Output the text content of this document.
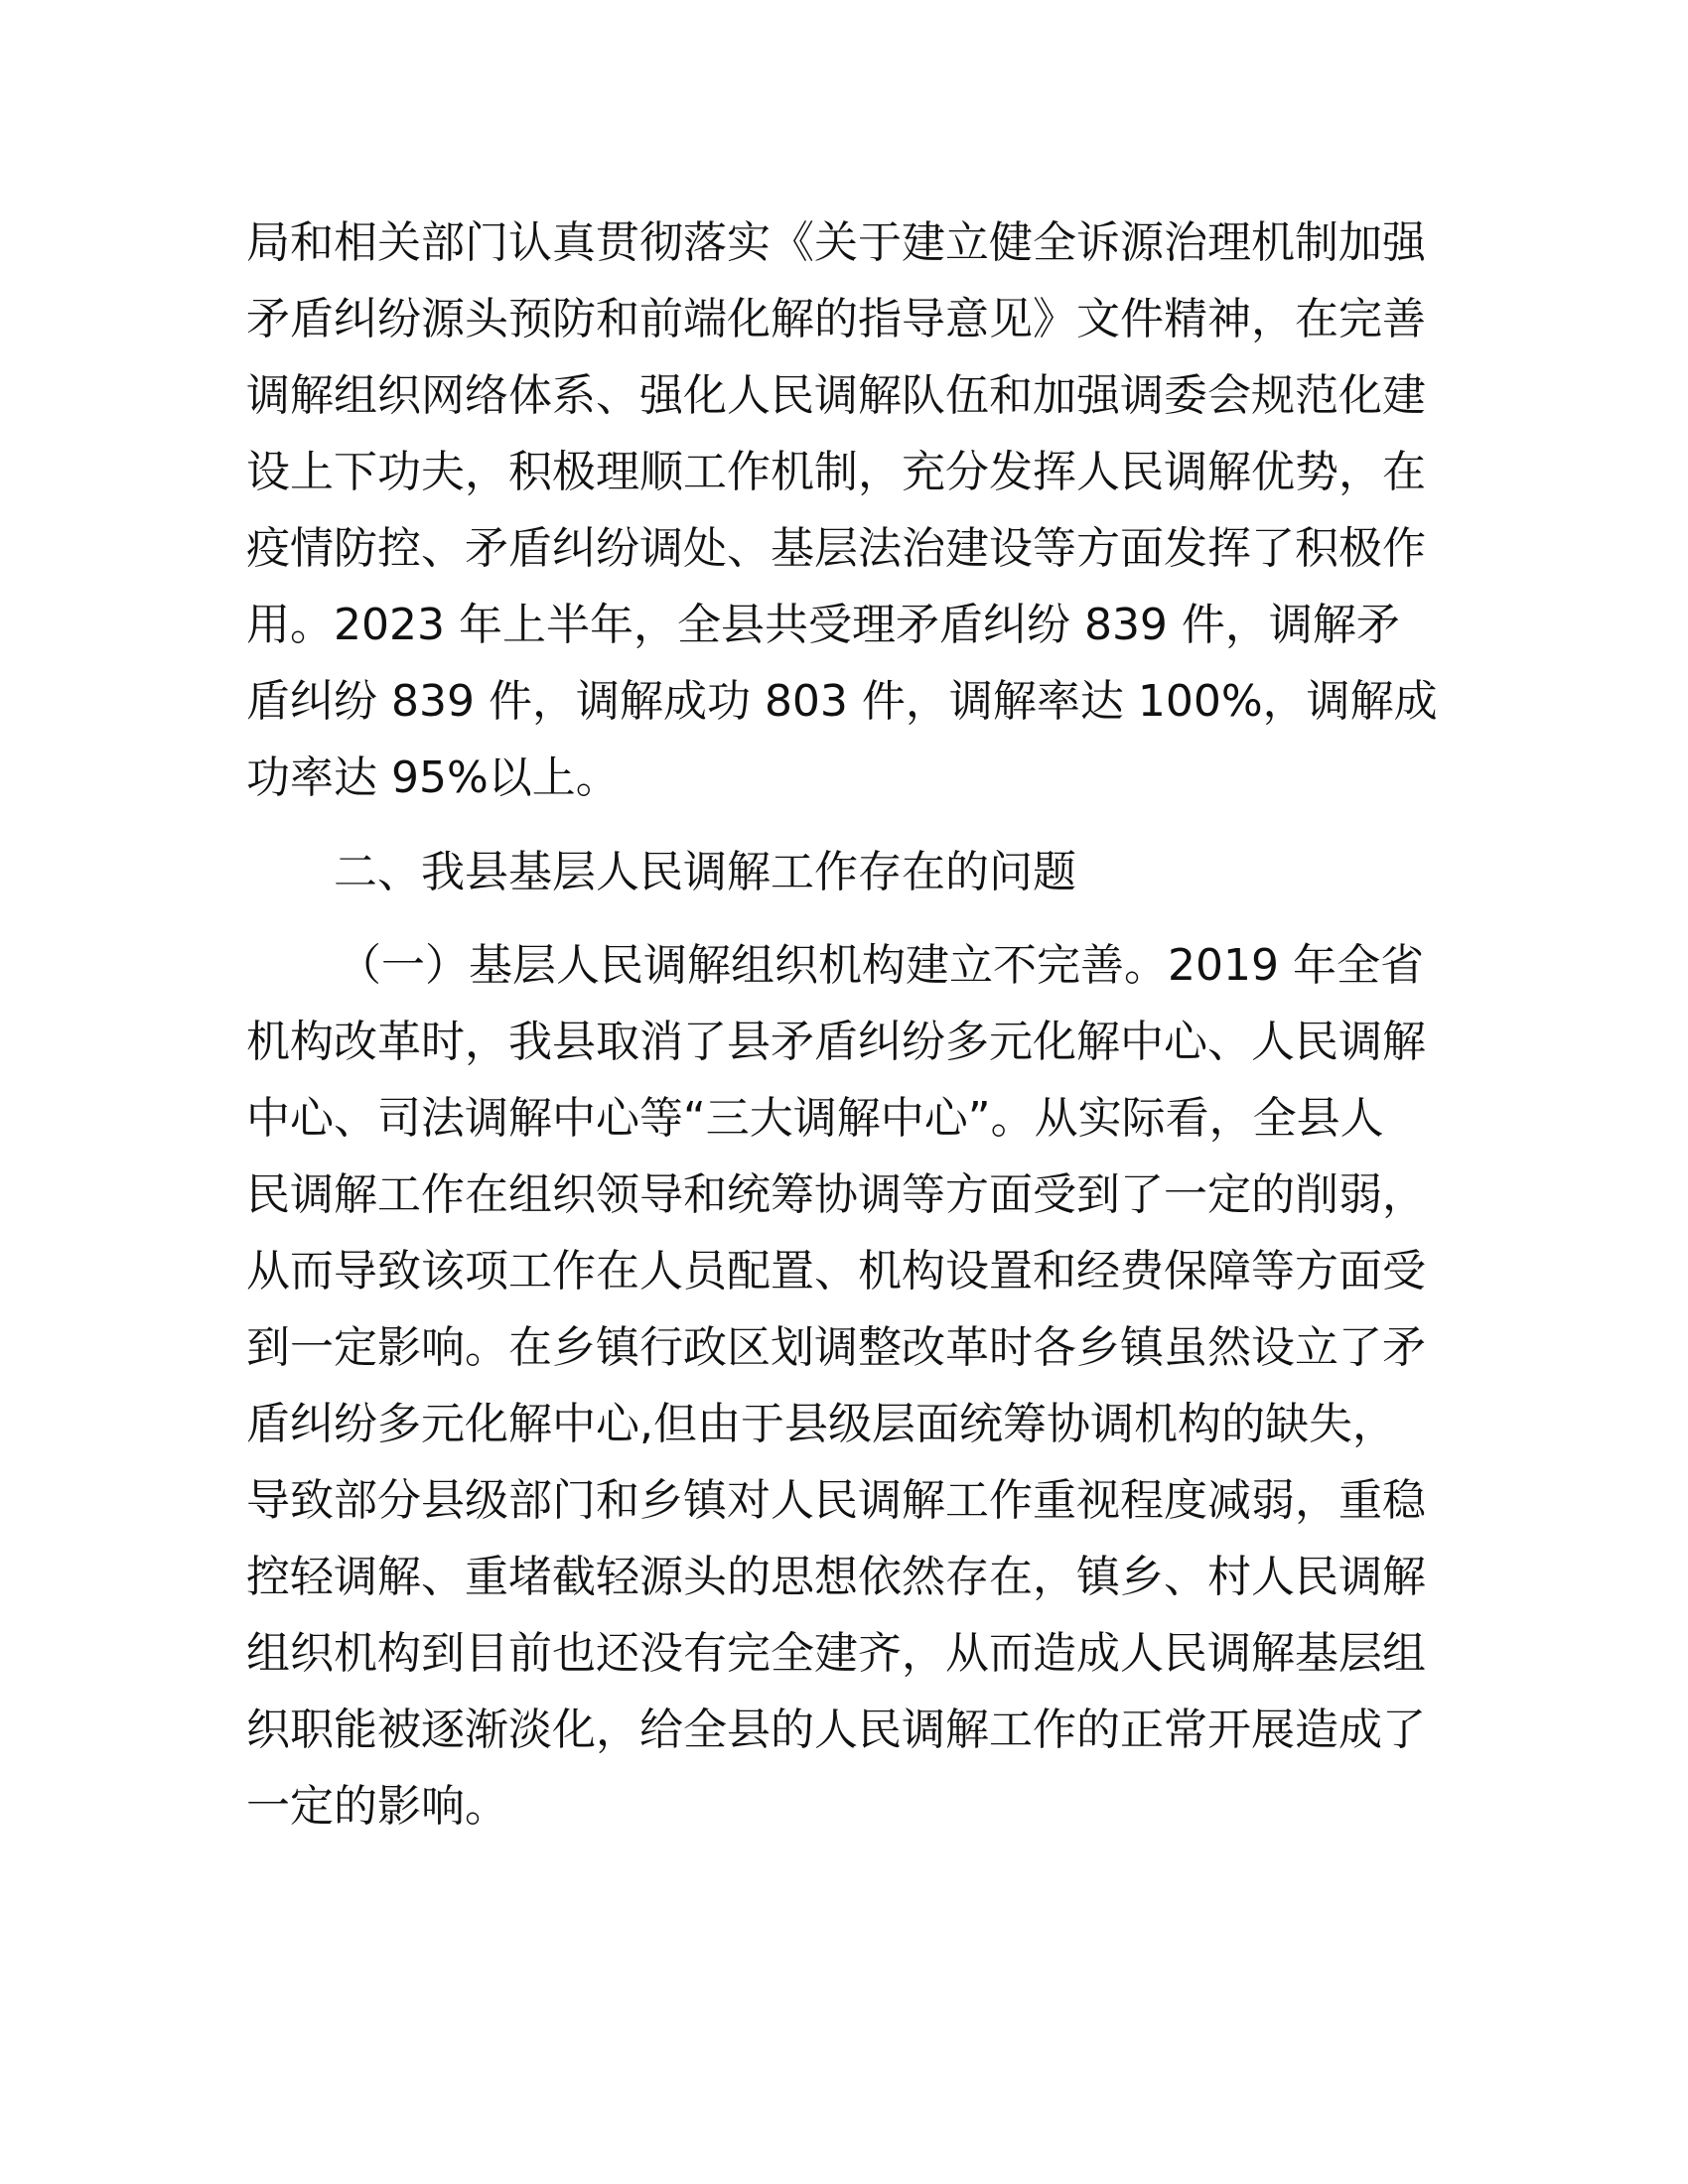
局和相关部门认真贯彻落实《关于建立健全诉源治理机制加强
矛盾纠纷源头预防和前端化解的指导意见》文件精神，在完善
调解组织网络体系、强化人民调解队伍和加强调委会规范化建
设上下功夫，积极理顺工作机制，充分发挥人民调解优势，在
疫情防控、矛盾纠纷调处、基层法治建设等方面发挥了积极作
用。2023 年上半年，全县共受理矛盾纠纷 839 件，调解矛
盾纠纷 839 件，调解成功 803 件，调解率达 100%，调解成
功率达 95%以上。
二、我县基层人民调解工作存在的问题
（一）基层人民调解组织机构建立不完善。2019 年全省
机构改革时，我县取消了县矛盾纠纷多元化解中心、人民调解
中心、司法调解中心等“三大调解中心”。从实际看，全县人
民调解工作在组织领导和统筹协调等方面受到了一定的削弱，
从而导致该项工作在人员配置、机构设置和经费保障等方面受
到一定影响。在乡镇行政区划调整改革时各乡镇虽然设立了矛
盾纠纷多元化解中心,但由于县级层面统筹协调机构的缺失，
导致部分县级部门和乡镇对人民调解工作重视程度减弱，重稳
控轻调解、重堵截轻源头的思想依然存在，镇乡、村人民调解
组织机构到目前也还没有完全建齐，从而造成人民调解基层组
织职能被逐渐淡化，给全县的人民调解工作的正常开展造成了
一定的影响。
